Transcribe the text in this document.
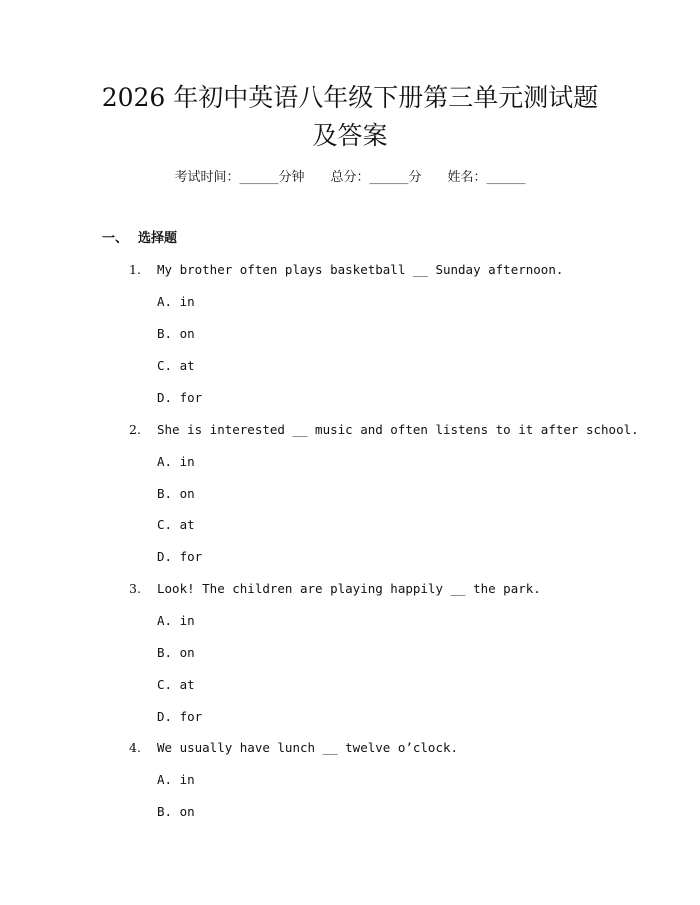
2026 年初中英语八年级下册第三单元测试题
及答案
考试时间：______分钟 总分：______分 姓名：______
一、 选择题
1. My brother often plays basketball __ Sunday afternoon.
A. in
B. on
C. at
D. for
2. She is interested __ music and often listens to it after school.
A. in
B. on
C. at
D. for
3. Look! The children are playing happily __ the park.
A. in
B. on
C. at
D. for
4. We usually have lunch __ twelve o’clock.
A. in
B. on
